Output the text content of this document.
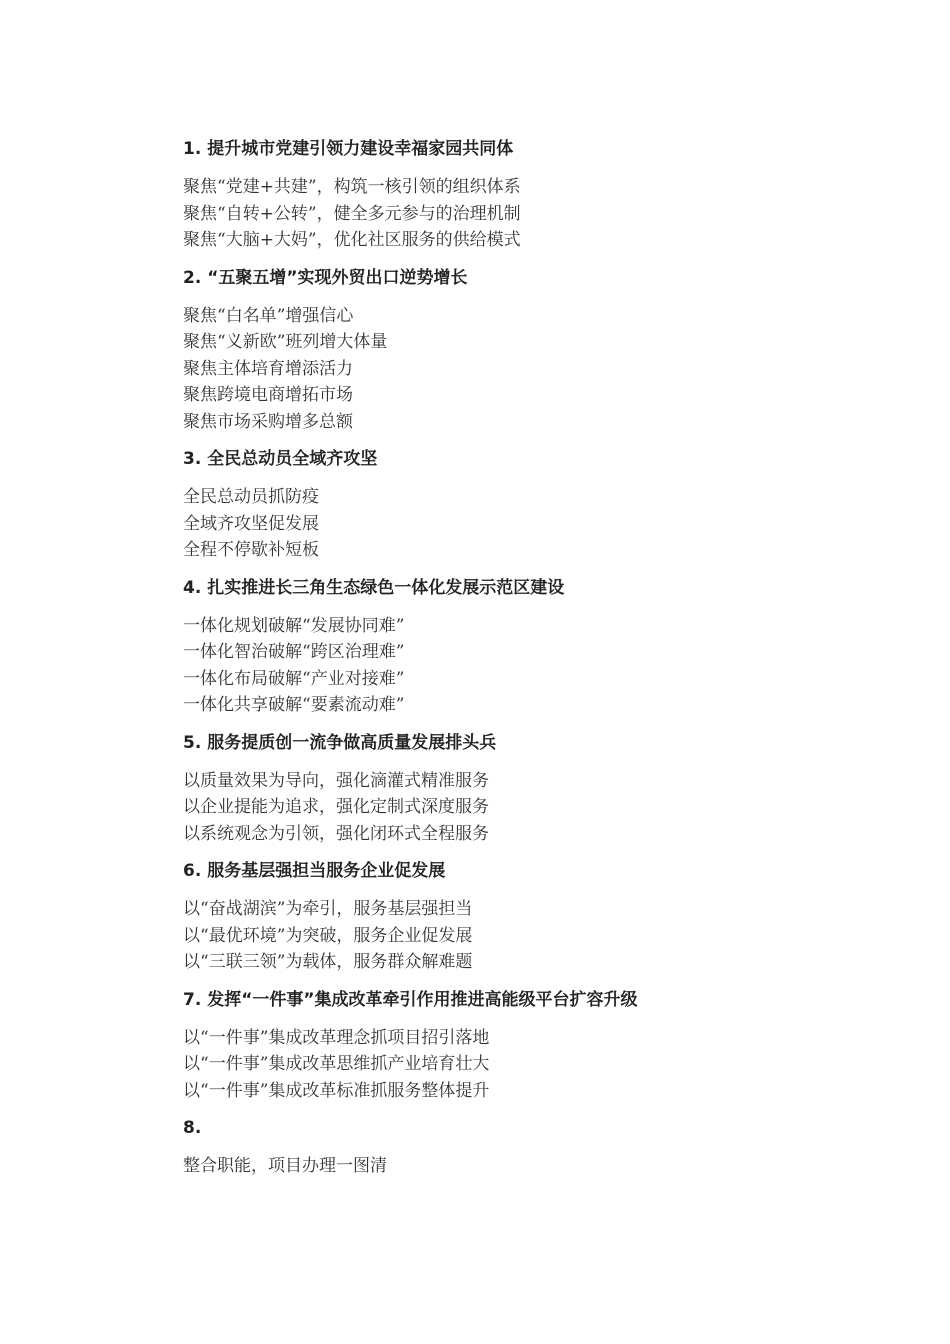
1. 提升城市党建引领力建设幸福家园共同体
聚焦“党建+共建”，构筑一核引领的组织体系
聚焦“自转+公转”，健全多元参与的治理机制
聚焦“大脑+大妈”，优化社区服务的供给模式
2. “五聚五增”实现外贸出口逆势增长
聚焦“白名单”增强信心
聚焦“义新欧”班列增大体量
聚焦主体培育增添活力
聚焦跨境电商增拓市场
聚焦市场采购增多总额
3. 全民总动员全域齐攻坚
全民总动员抓防疫
全域齐攻坚促发展
全程不停歇补短板
4. 扎实推进长三角生态绿色一体化发展示范区建设
一体化规划破解“发展协同难”
一体化智治破解“跨区治理难”
一体化布局破解“产业对接难”
一体化共享破解“要素流动难”
5. 服务提质创一流争做高质量发展排头兵
以质量效果为导向，强化滴灌式精准服务
以企业提能为追求，强化定制式深度服务
以系统观念为引领，强化闭环式全程服务
6. 服务基层强担当服务企业促发展
以“奋战湖滨”为牵引，服务基层强担当
以“最优环境”为突破，服务企业促发展
以“三联三领”为载体，服务群众解难题
7. 发挥“一件事”集成改革牵引作用推进高能级平台扩容升级
以“一件事”集成改革理念抓项目招引落地
以“一件事”集成改革思维抓产业培育壮大
以“一件事”集成改革标准抓服务整体提升
8.
整合职能，项目办理一图清
